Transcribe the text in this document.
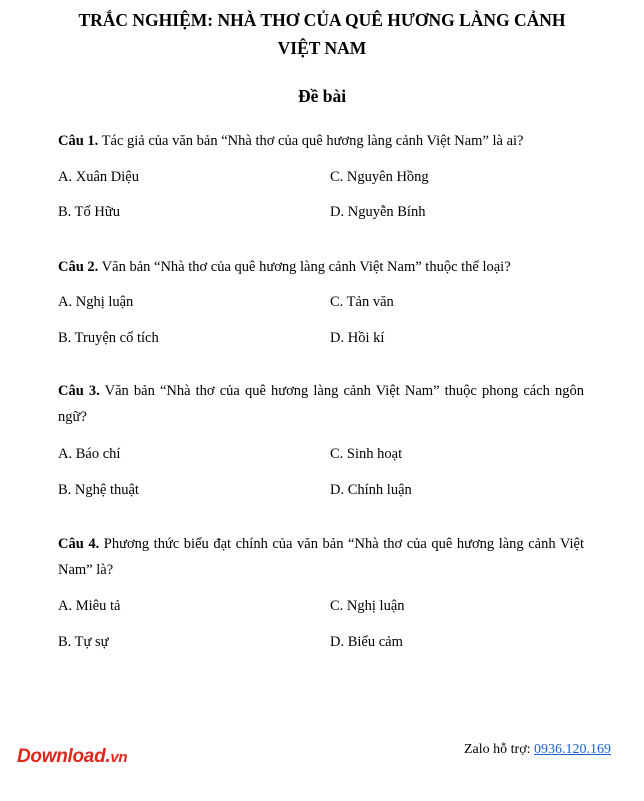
TRẮC NGHIỆM: NHÀ THƠ CỦA QUÊ HƯƠNG LÀNG CẢNH
VIỆT NAM
Đề bài
Câu 1. Tác giả của văn bản “Nhà thơ của quê hương làng cảnh Việt Nam” là ai?
A. Xuân Diệu	C. Nguyên Hồng
B. Tố Hữu	D. Nguyễn Bính
Câu 2. Văn bản “Nhà thơ của quê hương làng cảnh Việt Nam” thuộc thể loại?
A. Nghị luận	C. Tản văn
B. Truyện cổ tích	D. Hồi kí
Câu 3. Văn bản “Nhà thơ của quê hương làng cảnh Việt Nam” thuộc phong cách ngôn ngữ?
A. Báo chí	C. Sinh hoạt
B. Nghệ thuật	D. Chính luận
Câu 4. Phương thức biểu đạt chính của văn bản “Nhà thơ của quê hương làng cảnh Việt Nam” là?
A. Miêu tả	C. Nghị luận
B. Tự sự	D. Biểu cảm
Download.vn	Zalo hỗ trợ: 0936.120.169
